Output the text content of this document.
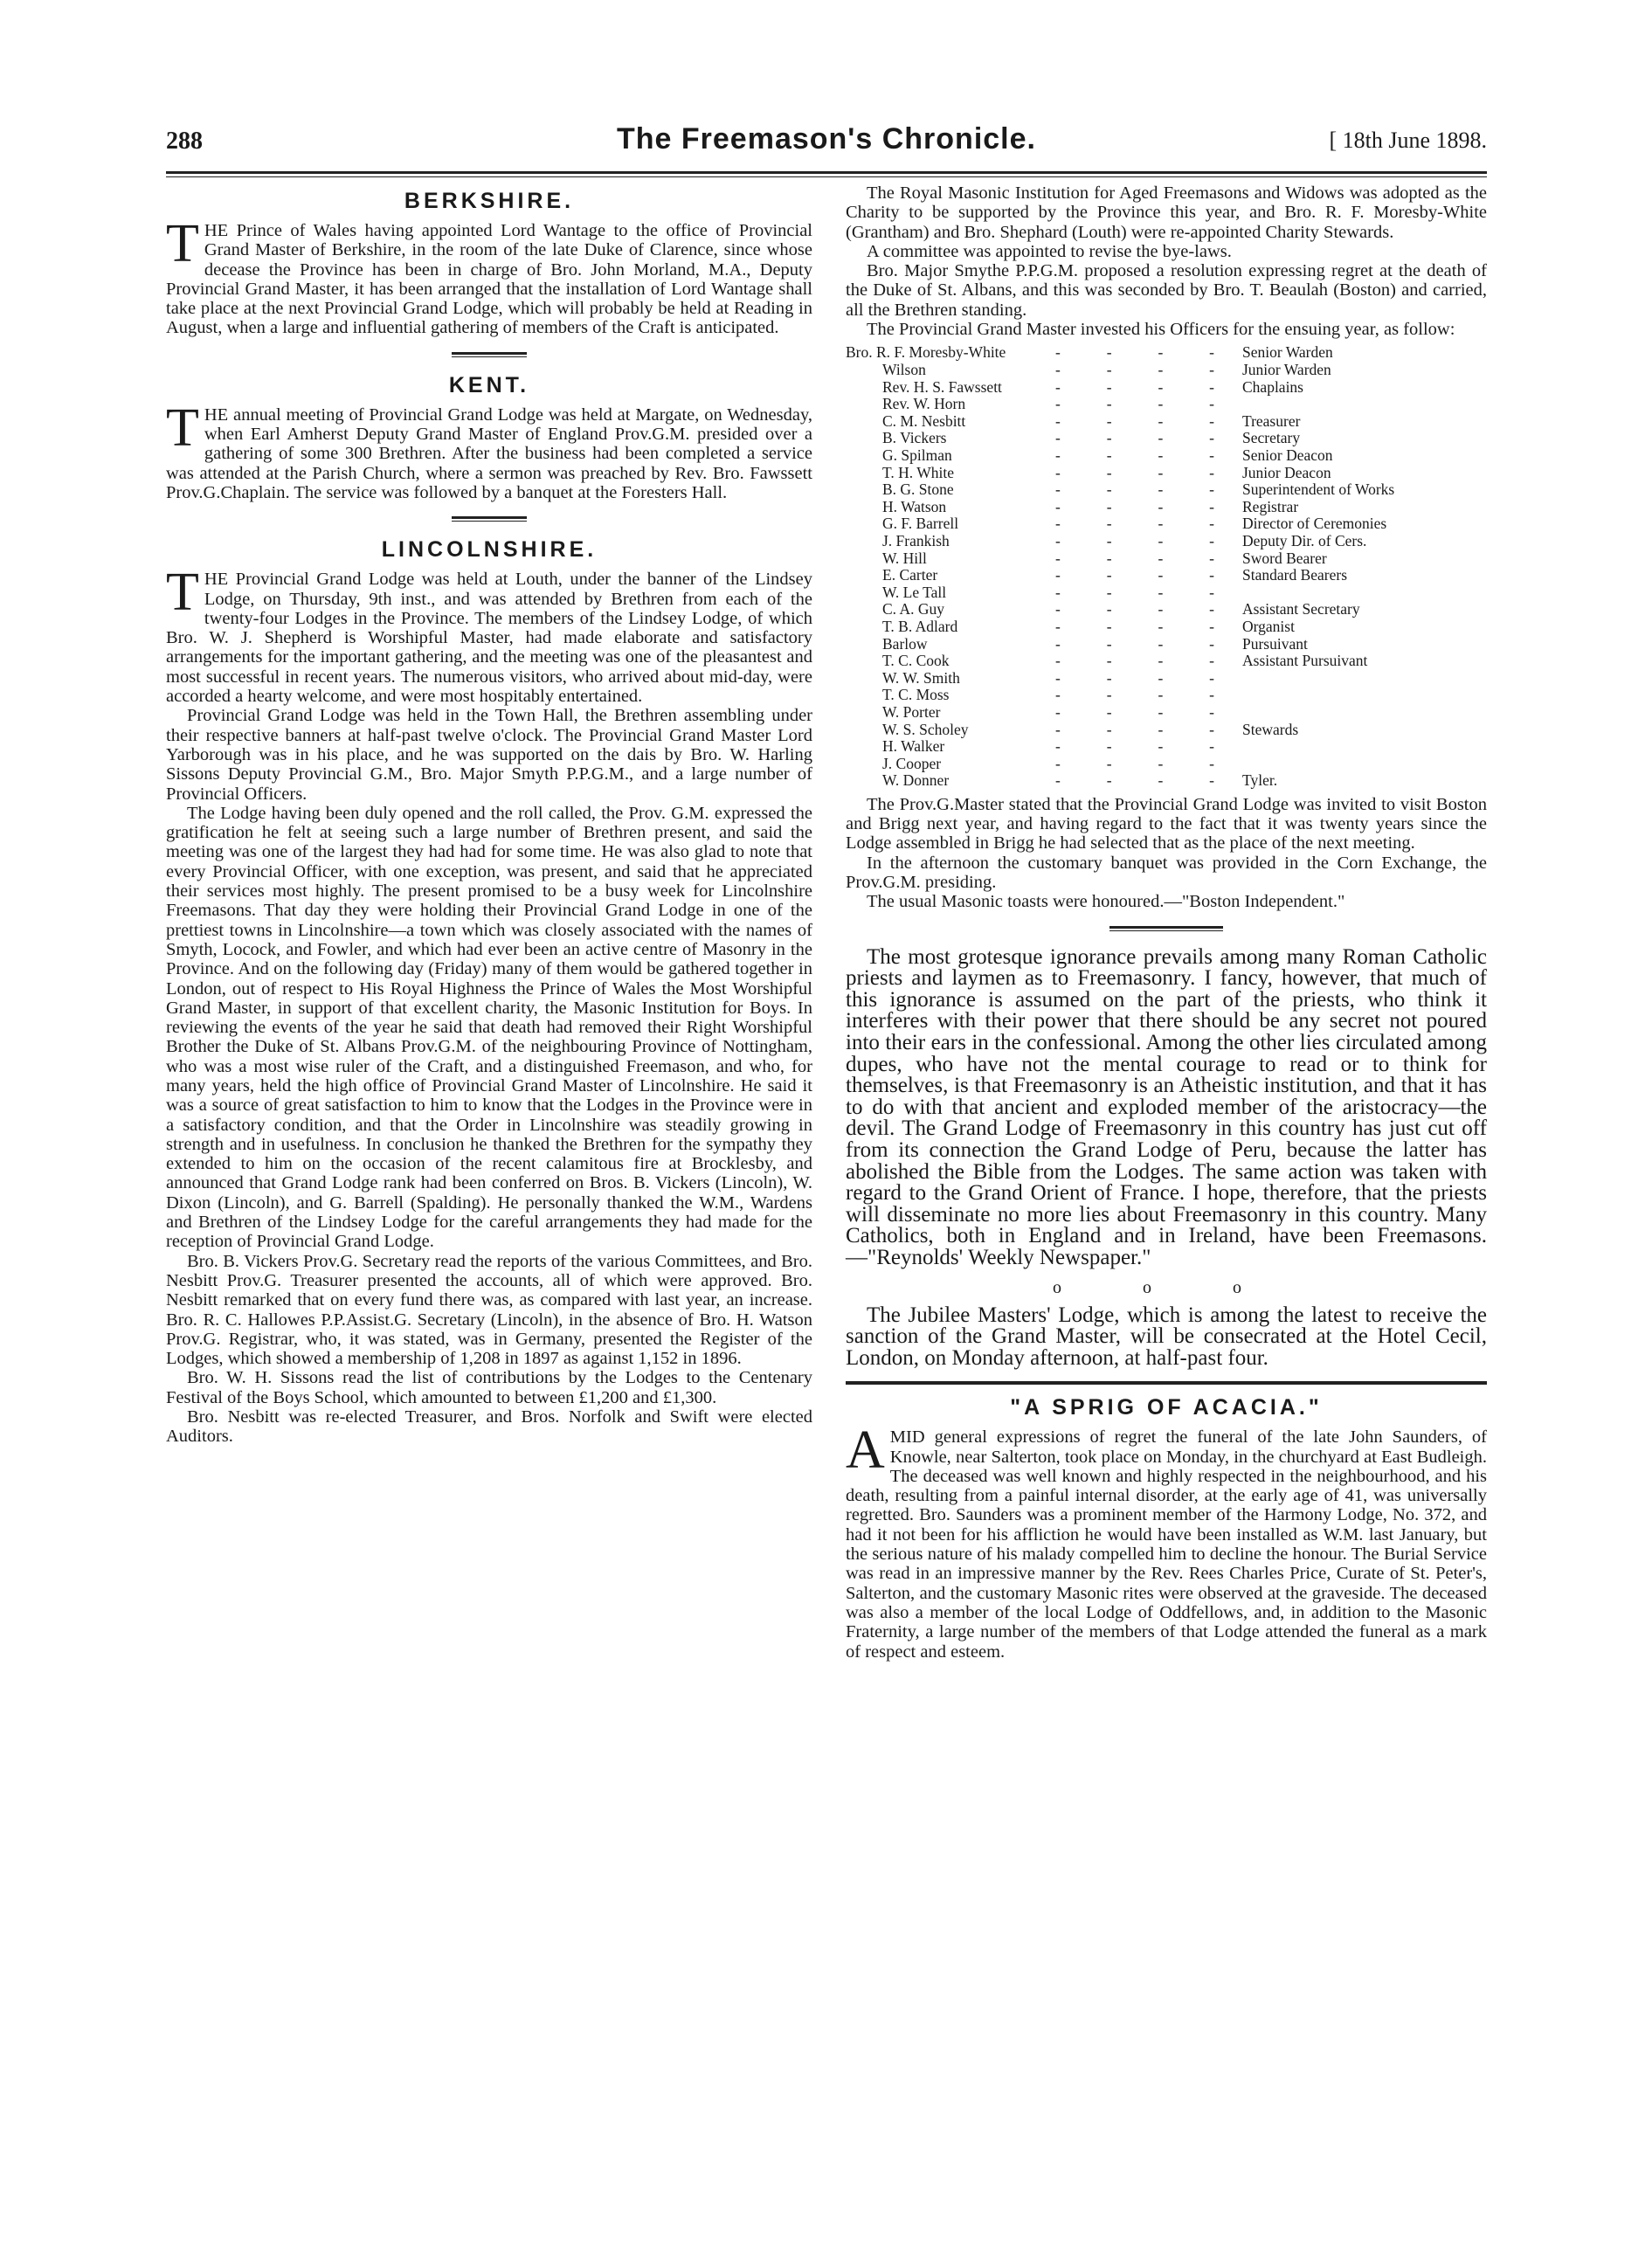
288	The Freemason's Chronicle.	[ 18th June 1898.
BERKSHIRE.
T HE Prince of Wales having appointed Lord Wantage to the office of Provincial Grand Master of Berkshire, in the room of the late Duke of Clarence, since whose decease the Province has been in charge of Bro. John Morland, M.A., Deputy Provincial Grand Master, it has been arranged that the installation of Lord Wantage shall take place at the next Provincial Grand Lodge, which will probably be held at Reading in August, when a large and influential gathering of members of the Craft is anticipated.

KENT.
T HE annual meeting of Provincial Grand Lodge was held at Margate, on Wednesday, when Earl Amherst Deputy Grand Master of England Prov.G.M. presided over a gathering of some 300 Brethren. After the business had been completed a service was attended at the Parish Church, where a sermon was preached by Rev. Bro. Fawssett Prov.G.Chaplain. The service was followed by a banquet at the Foresters Hall.

LINCOLNSHIRE.
T HE Provincial Grand Lodge was held at Louth, under the banner of the Lindsey Lodge, on Thursday, 9th inst., and was attended by Brethren from each of the twenty-four Lodges in the Province. The members of the Lindsey Lodge, of which Bro. W. J. Shepherd is Worshipful Master, had made elaborate and satisfactory arrangements for the important gathering, and the meeting was one of the pleasantest and most successful in recent years. The numerous visitors, who arrived about mid-day, were accorded a hearty welcome, and were most hospitably entertained.

Provincial Grand Lodge was held in the Town Hall, the Brethren assembling under their respective banners at half-past twelve o'clock. The Provincial Grand Master Lord Yarborough was in his place, and he was supported on the dais by Bro. W. Harling Sissons Deputy Provincial G.M., Bro. Major Smyth P.P.G.M., and a large number of Provincial Officers.

The Lodge having been duly opened and the roll called, the Prov. G.M. expressed the gratification he felt at seeing such a large number of Brethren present, and said the meeting was one of the largest they had had for some time. He was also glad to note that every Provincial Officer, with one exception, was present, and said that he appreciated their services most highly. The present promised to be a busy week for Lincolnshire Freemasons. That day they were holding their Provincial Grand Lodge in one of the prettiest towns in Lincolnshire—a town which was closely associated with the names of Smyth, Locock, and Fowler, and which had ever been an active centre of Masonry in the Province. And on the following day (Friday) many of them would be gathered together in London, out of respect to His Royal Highness the Prince of Wales the Most Worshipful Grand Master, in support of that excellent charity, the Masonic Institution for Boys. In reviewing the events of the year he said that death had removed their Right Worshipful Brother the Duke of St. Albans Prov.G.M. of the neighbouring Province of Nottingham, who was a most wise ruler of the Craft, and a distinguished Freemason, and who, for many years, held the high office of Provincial Grand Master of Lincolnshire. He said it was a source of great satisfaction to him to know that the Lodges in the Province were in a satisfactory condition, and that the Order in Lincolnshire was steadily growing in strength and in usefulness. In conclusion he thanked the Brethren for the sympathy they extended to him on the occasion of the recent calamitous fire at Brocklesby, and announced that Grand Lodge rank had been conferred on Bros. B. Vickers (Lincoln), W. Dixon (Lincoln), and G. Barrell (Spalding). He personally thanked the W.M., Wardens and Brethren of the Lindsey Lodge for the careful arrangements they had made for the reception of Provincial Grand Lodge.

Bro. B. Vickers Prov.G. Secretary read the reports of the various Committees, and Bro. Nesbitt Prov.G. Treasurer presented the accounts, all of which were approved. Bro. Nesbitt remarked that on every fund there was, as compared with last year, an increase. Bro. R. C. Hallowes P.P.Assist.G. Secretary (Lincoln), in the absence of Bro. H. Watson Prov.G. Registrar, who, it was stated, was in Germany, presented the Register of the Lodges, which showed a membership of 1,208 in 1897 as against 1,152 in 1896.

Bro. W. H. Sissons read the list of contributions by the Lodges to the Centenary Festival of the Boys School, which amounted to between £1,200 and £1,300.

Bro. Nesbitt was re-elected Treasurer, and Bros. Norfolk and Swift were elected Auditors.

The Royal Masonic Institution for Aged Freemasons and Widows was adopted as the Charity to be supported by the Province this year, and Bro. R. F. Moresby-White (Grantham) and Bro. Shephard (Louth) were re-appointed Charity Stewards.

A committee was appointed to revise the bye-laws.

Bro. Major Smythe P.P.G.M. proposed a resolution expressing regret at the death of the Duke of St. Albans, and this was seconded by Bro. T. Beaulah (Boston) and carried, all the Brethren standing.

The Provincial Grand Master invested his Officers for the ensuing year, as follow:

Bro. R. F. Moresby-White	-	-	-	- Senior Warden
Wilson	-	-	-	- Junior Warden
Rev. H. S. Fawssett	-	-	-	- Chaplains
Rev. W. Horn	-	-	-	-
C. M. Nesbitt	-	-	-	- Treasurer
B. Vickers	-	-	-	- Secretary
G. Spilman	-	-	-	- Senior Deacon
T. H. White	-	-	-	- Junior Deacon
B. G. Stone	-	-	-	- Superintendent of Works
H. Watson	-	-	-	- Registrar
G. F. Barrell	-	-	-	- Director of Ceremonies
J. Frankish	-	-	-	- Deputy Dir. of Cers.
W. Hill	-	-	-	- Sword Bearer
E. Carter	-	-	-	- Standard Bearers
W. Le Tall	-	-	-	-
C. A. Guy	-	-	-	- Assistant Secretary
T. B. Adlard	-	-	-	- Organist
Barlow	-	-	-	- Pursuivant
T. C. Cook	-	-	-	- Assistant Pursuivant
W. W. Smith	-	-	-	-
T. C. Moss	-	-	-	-
W. Porter	-	-	-	-
W. S. Scholey	-	-	-	- Stewards
H. Walker	-	-	-	-
J. Cooper	-	-	-	-
W. Donner	-	-	-	- Tyler.

The Prov.G.Master stated that the Provincial Grand Lodge was invited to visit Boston and Brigg next year, and having regard to the fact that it was twenty years since the Lodge assembled in Brigg he had selected that as the place of the next meeting.

In the afternoon the customary banquet was provided in the Corn Exchange, the Prov.G.M. presiding.

The usual Masonic toasts were honoured.—"Boston Independent."

The most grotesque ignorance prevails among many Roman Catholic priests and laymen as to Freemasonry. I fancy, however, that much of this ignorance is assumed on the part of the priests, who think it interferes with their power that there should be any secret not poured into their ears in the confessional. Among the other lies circulated among dupes, who have not the mental courage to read or to think for themselves, is that Freemasonry is an Atheistic institution, and that it has to do with that ancient and exploded member of the aristocracy—the devil. The Grand Lodge of Freemasonry in this country has just cut off from its connection the Grand Lodge of Peru, because the latter has abolished the Bible from the Lodges. The same action was taken with regard to the Grand Orient of France. I hope, therefore, that the priests will disseminate no more lies about Freemasonry in this country. Many Catholics, both in England and in Ireland, have been Freemasons.—"Reynolds' Weekly Newspaper."

o o o

The Jubilee Masters' Lodge, which is among the latest to receive the sanction of the Grand Master, will be consecrated at the Hotel Cecil, London, on Monday afternoon, at half-past four.

"A SPRIG OF ACACIA."
A MID general expressions of regret the funeral of the late John Saunders, of Knowle, near Salterton, took place on Monday, in the churchyard at East Budleigh. The deceased was well known and highly respected in the neighbourhood, and his death, resulting from a painful internal disorder, at the early age of 41, was universally regretted. Bro. Saunders was a prominent member of the Harmony Lodge, No. 372, and had it not been for his affliction he would have been installed as W.M. last January, but the serious nature of his malady compelled him to decline the honour. The Burial Service was read in an impressive manner by the Rev. Rees Charles Price, Curate of St. Peter's, Salterton, and the customary Masonic rites were observed at the graveside. The deceased was also a member of the local Lodge of Oddfellows, and, in addition to the Masonic Fraternity, a large number of the members of that Lodge attended the funeral as a mark of respect and esteem.
